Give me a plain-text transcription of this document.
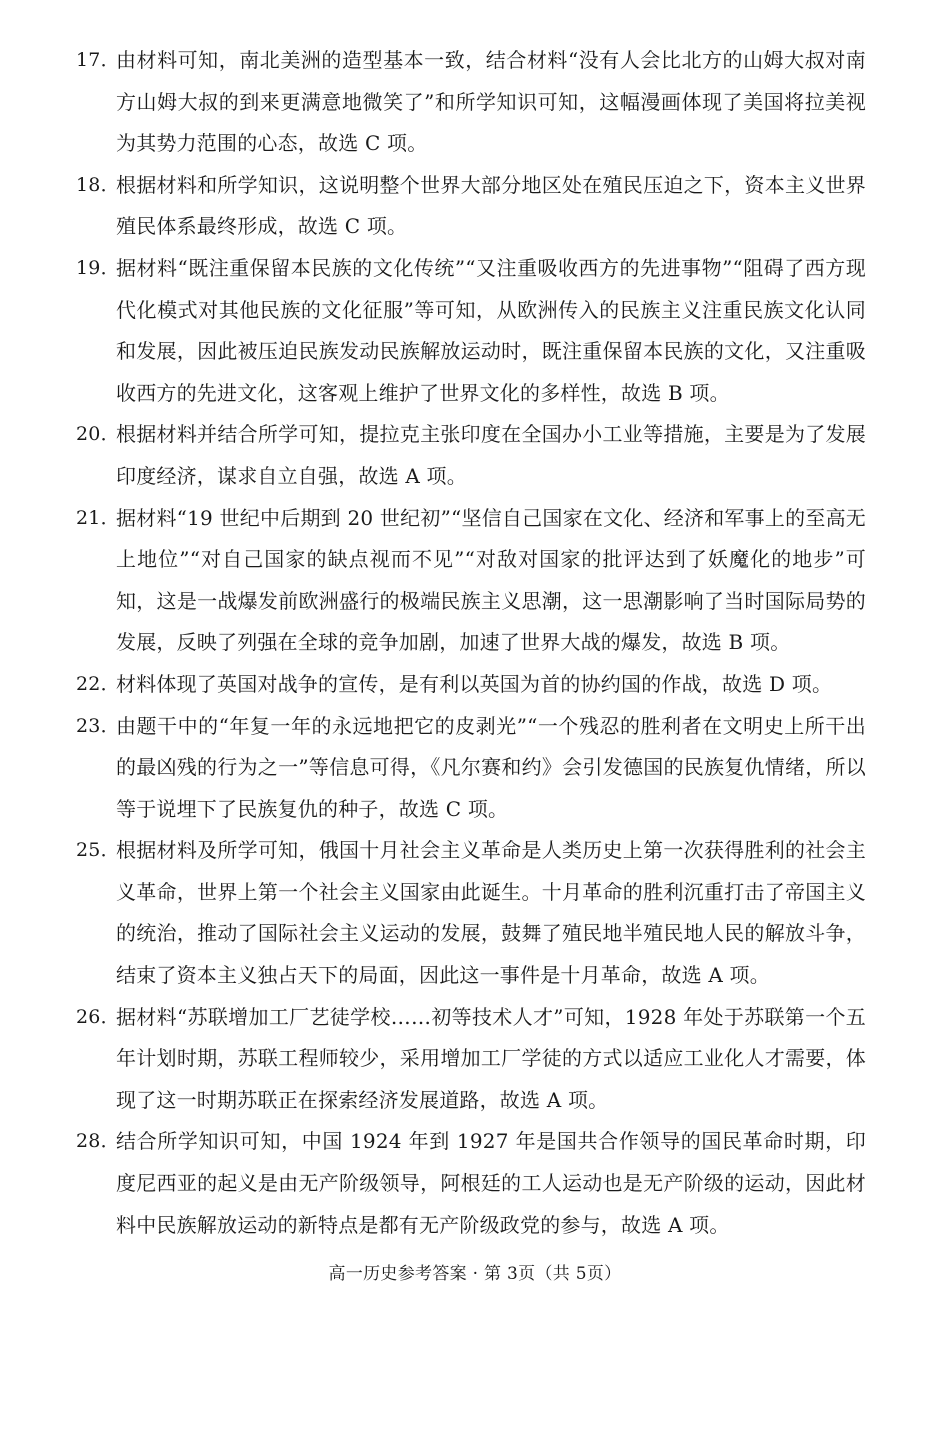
17．
由材料可知，南北美洲的造型基本一致，结合材料“没有人会比北方的山姆大叔对南方山姆大叔的到来更满意地微笑了”和所学知识可知，这幅漫画体现了美国将拉美视为其势力范围的心态，故选 C 项。
18．
根据材料和所学知识，这说明整个世界大部分地区处在殖民压迫之下，资本主义世界殖民体系最终形成，故选 C 项。
19．
据材料“既注重保留本民族的文化传统”“又注重吸收西方的先进事物”“阻碍了西方现代化模式对其他民族的文化征服”等可知，从欧洲传入的民族主义注重民族文化认同和发展，因此被压迫民族发动民族解放运动时，既注重保留本民族的文化，又注重吸收西方的先进文化，这客观上维护了世界文化的多样性，故选 B 项。
20．
根据材料并结合所学可知，提拉克主张印度在全国办小工业等措施，主要是为了发展印度经济，谋求自立自强，故选 A 项。
21．
据材料“19 世纪中后期到 20 世纪初”“坚信自己国家在文化、经济和军事上的至高无上地位”“对自己国家的缺点视而不见”“对敌对国家的批评达到了妖魔化的地步”可知，这是一战爆发前欧洲盛行的极端民族主义思潮，这一思潮影响了当时国际局势的发展，反映了列强在全球的竞争加剧，加速了世界大战的爆发，故选 B 项。
22．
材料体现了英国对战争的宣传，是有利以英国为首的协约国的作战，故选 D 项。
23．
由题干中的“年复一年的永远地把它的皮剥光”“一个残忍的胜利者在文明史上所干出的最凶残的行为之一”等信息可得，《凡尔赛和约》会引发德国的民族复仇情绪，所以等于说埋下了民族复仇的种子，故选 C 项。
25．
根据材料及所学可知，俄国十月社会主义革命是人类历史上第一次获得胜利的社会主义革命，世界上第一个社会主义国家由此诞生。十月革命的胜利沉重打击了帝国主义的统治，推动了国际社会主义运动的发展，鼓舞了殖民地半殖民地人民的解放斗争，结束了资本主义独占天下的局面，因此这一事件是十月革命，故选 A 项。
26．
据材料“苏联增加工厂艺徒学校……初等技术人才”可知，1928 年处于苏联第一个五年计划时期，苏联工程师较少，采用增加工厂学徒的方式以适应工业化人才需要，体现了这一时期苏联正在探索经济发展道路，故选 A 项。
28．
结合所学知识可知，中国 1924 年到 1927 年是国共合作领导的国民革命时期，印度尼西亚的起义是由无产阶级领导，阿根廷的工人运动也是无产阶级的运动，因此材料中民族解放运动的新特点是都有无产阶级政党的参与，故选 A 项。
高一历史参考答案 · 第 3页（共 5页）
